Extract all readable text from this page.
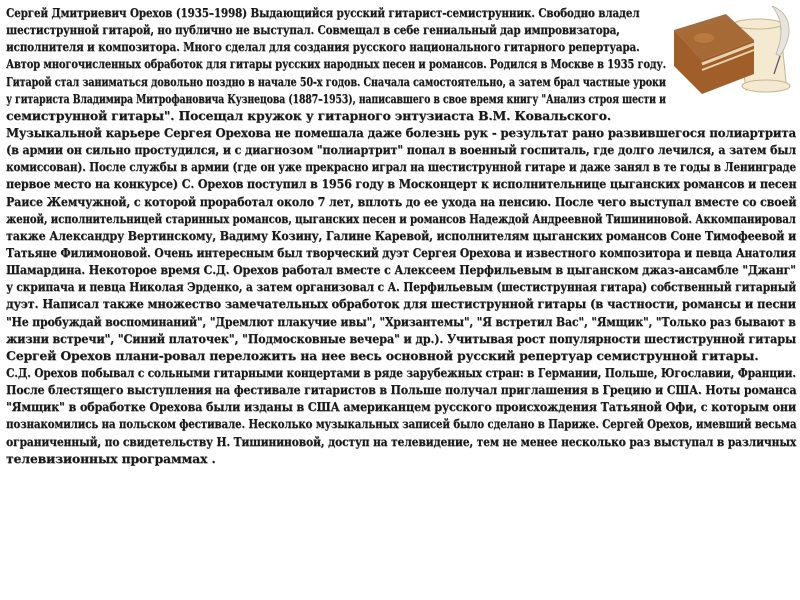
Сергей Дмитриевич Орехов (1935–1998) Выдающийся русский гитарист-семиструнник. Свободно владел
шестиструнной гитарой, но публично не выступал. Совмещал в себе гениальный дар импровизатора,
исполнителя и композитора. Много сделал для создания русского национального гитарного репертуара.
Автор многочисленных обработок для гитары русских народных песен и романсов. Родился в Москве в 1935 году.
Гитарой стал заниматься довольно поздно в начале 50-х годов. Сначала самостоятельно, а затем брал частные уроки
у гитариста Владимира Митрофановича Кузнецова (1887–1953), написавшего в свое время книгу "Анализ строя шести и
семиструнной гитары". Посещал кружок у гитарного энтузиаста В.М. Ковальского.
Музыкальной карьере Сергея Орехова не помешала даже болезнь рук - результат рано развившегося полиартрита
(в армии он сильно простудился, и с диагнозом "полиартрит" попал в военный госпиталь, где долго лечился, а затем был
комиссован). После службы в армии (где он уже прекрасно играл на шестиструнной гитаре и даже занял в те годы в Ленинграде
первое место на конкурсе) С. Орехов поступил в 1956 году в Москонцерт к исполнительнице цыганских романсов и песен
Раисе Жемчужной, с которой проработал около 7 лет, вплоть до ее ухода на пенсию. После чего выступал вместе со своей
женой, исполнительницей старинных романсов, цыганских песен и романсов Надеждой Андреевной Тишининовой. Аккомпанировал
также Александру Вертинскому, Вадиму Козину, Галине Каревой, исполнителям цыганских романсов Соне Тимофеевой и
Татьяне Филимоновой. Очень интересным был творческий дуэт Сергея Орехова и известного композитора и певца Анатолия
Шамардина. Некоторое время С.Д. Орехов работал вместе с Алексеем Перфильевым в цыганском джаз-ансамбле "Джанг"
у скрипача и певца Николая Эрденко, а затем организовал с А. Перфильевым (шестиструнная гитара) собственный гитарный
дуэт. Написал также множество замечательных обработок для шестиструнной гитары (в частности, романсы и песни
"Не пробуждай воспоминаний", "Дремлют плакучие ивы", "Хризантемы", "Я встретил Вас", "Ямщик", "Только раз бывают в
жизни встречи", "Синий платочек", "Подмосковные вечера" и др.). Учитывая рост популярности шестиструнной гитары
Сергей Орехов плани-ровал переложить на нее весь основной русский репертуар семиструнной гитары.
С.Д. Орехов побывал с сольными гитарными концертами в ряде зарубежных стран: в Германии, Польше, Югославии, Франции.
После блестящего выступления на фестивале гитаристов в Польше получал приглашения в Грецию и США. Ноты романса
"Ямщик" в обработке Орехова были изданы в США американцем русского происхождения Татьяной Офи, с которым они
познакомились на польском фестивале. Несколько музыкальных записей было сделано в Париже. Сергей Орехов, имевший весьма
ограниченный, по свидетельству Н. Тишининовой, доступ на телевидение, тем не менее несколько раз выступал в различных
телевизионных программах .
